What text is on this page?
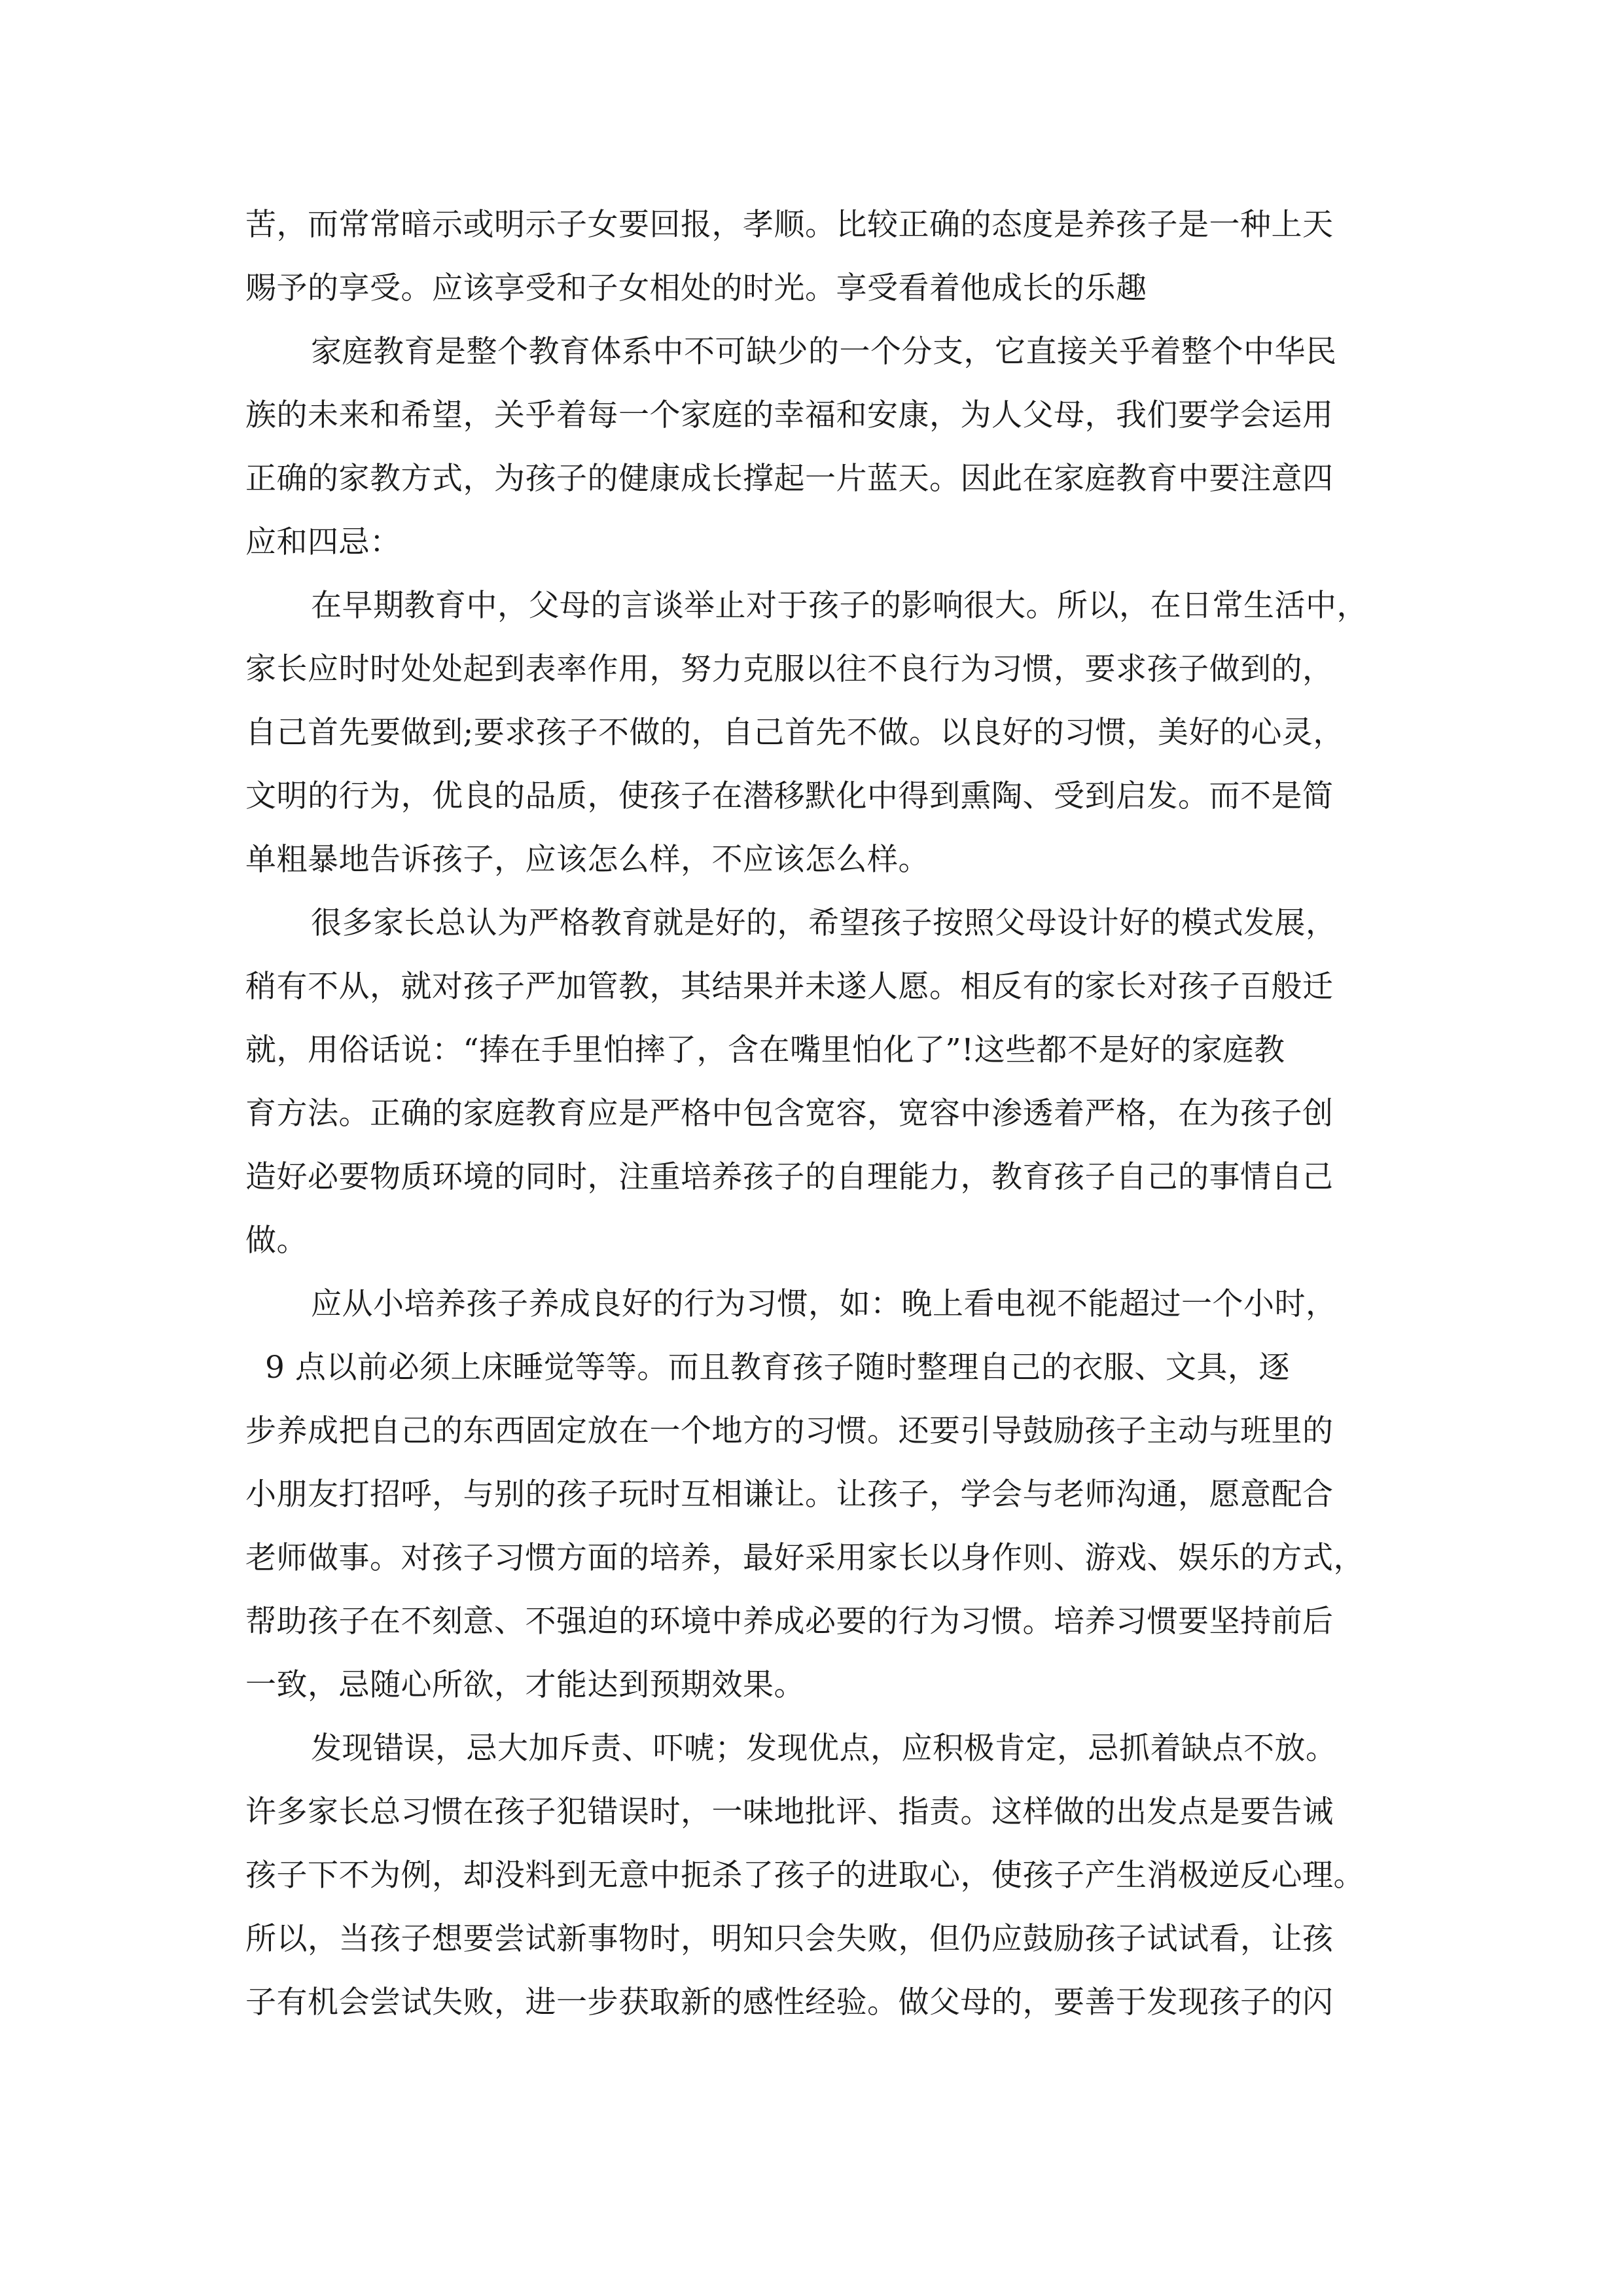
苦，而常常暗示或明示子女要回报，孝顺。比较正确的态度是养孩子是一种上天
赐予的享受。应该享受和子女相处的时光。享受看着他成长的乐趣
家庭教育是整个教育体系中不可缺少的一个分支，它直接关乎着整个中华民
族的未来和希望，关乎着每一个家庭的幸福和安康，为人父母，我们要学会运用
正确的家教方式，为孩子的健康成长撑起一片蓝天。因此在家庭教育中要注意四
应和四忌：
在早期教育中，父母的言谈举止对于孩子的影响很大。所以，在日常生活中，
家长应时时处处起到表率作用，努力克服以往不良行为习惯，要求孩子做到的，
自己首先要做到;要求孩子不做的，自己首先不做。以良好的习惯，美好的心灵，
文明的行为，优良的品质，使孩子在潜移默化中得到熏陶、受到启发。而不是简
单粗暴地告诉孩子，应该怎么样，不应该怎么样。
很多家长总认为严格教育就是好的，希望孩子按照父母设计好的模式发展，
稍有不从，就对孩子严加管教，其结果并未遂人愿。相反有的家长对孩子百般迁
就，用俗话说：“捧在手里怕摔了，含在嘴里怕化了”!这些都不是好的家庭教
育方法。正确的家庭教育应是严格中包含宽容，宽容中渗透着严格，在为孩子创
造好必要物质环境的同时，注重培养孩子的自理能力，教育孩子自己的事情自己
做。
应从小培养孩子养成良好的行为习惯，如：晚上看电视不能超过一个小时，
9 点以前必须上床睡觉等等。而且教育孩子随时整理自己的衣服、文具，逐
步养成把自己的东西固定放在一个地方的习惯。还要引导鼓励孩子主动与班里的
小朋友打招呼，与别的孩子玩时互相谦让。让孩子，学会与老师沟通，愿意配合
老师做事。对孩子习惯方面的培养，最好采用家长以身作则、游戏、娱乐的方式，
帮助孩子在不刻意、不强迫的环境中养成必要的行为习惯。培养习惯要坚持前后
一致，忌随心所欲，才能达到预期效果。
发现错误，忌大加斥责、吓唬；发现优点，应积极肯定，忌抓着缺点不放。
许多家长总习惯在孩子犯错误时，一味地批评、指责。这样做的出发点是要告诫
孩子下不为例，却没料到无意中扼杀了孩子的进取心，使孩子产生消极逆反心理。
所以，当孩子想要尝试新事物时，明知只会失败，但仍应鼓励孩子试试看，让孩
子有机会尝试失败，进一步获取新的感性经验。做父母的，要善于发现孩子的闪
